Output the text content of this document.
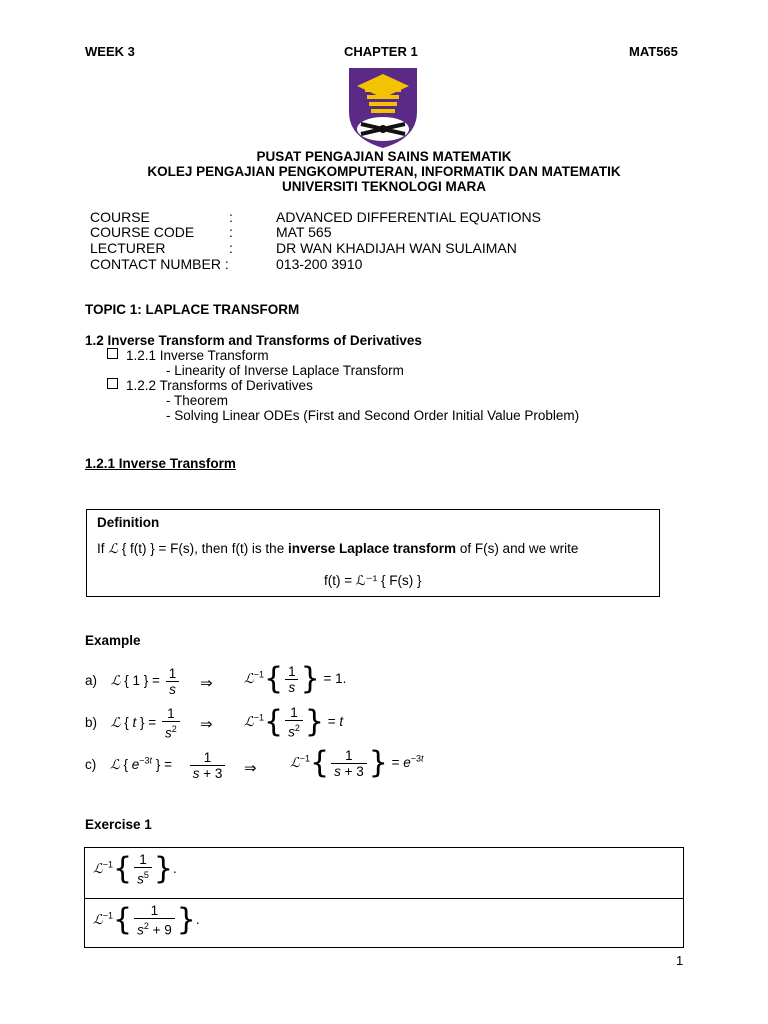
WEEK 3	CHAPTER 1	MAT565
PUSAT PENGAJIAN SAINS MATEMATIK
KOLEJ PENGAJIAN PENGKOMPUTERAN, INFORMATIK DAN MATEMATIK
UNIVERSITI TEKNOLOGI MARA
COURSE	:	ADVANCED DIFFERENTIAL EQUATIONS
COURSE CODE :	MAT 565
LECTURER	:	DR WAN KHADIJAH WAN SULAIMAN
CONTACT NUMBER :	013-200 3910
TOPIC 1: LAPLACE TRANSFORM
1.2 Inverse Transform and Transforms of Derivatives
1.2.1 Inverse Transform
- Linearity of Inverse Laplace Transform
1.2.2 Transforms of Derivatives
- Theorem
- Solving Linear ODEs (First and Second Order Initial Value Problem)
1.2.1 Inverse Transform
Definition
If ℒ { f(t) } = F(s), then f(t) is the inverse Laplace transform of F(s) and we write
f(t) = ℒ⁻¹ { F(s) }
Example
a) ℒ { 1 } = $\frac{1}{s}$ ⇒ ℒ$^{-1}${ $\frac{1}{s}$ } = 1.
b) ℒ { t } = $\frac{1}{s^2}$ ⇒ ℒ$^{-1}${ $\frac{1}{s^2}$ } = t
c) ℒ { $e^{-3t}$ } = $\frac{1}{s + 3}$ ⇒ ℒ$^{-1}${ $\frac{1}{s + 3}$ } = $e^{-3t}$
Exercise 1
ℒ$^{-1}${ $\frac{1}{s^5}$ }.
ℒ$^{-1}${ $\frac{1}{s^2 + 9}$ }.
1
